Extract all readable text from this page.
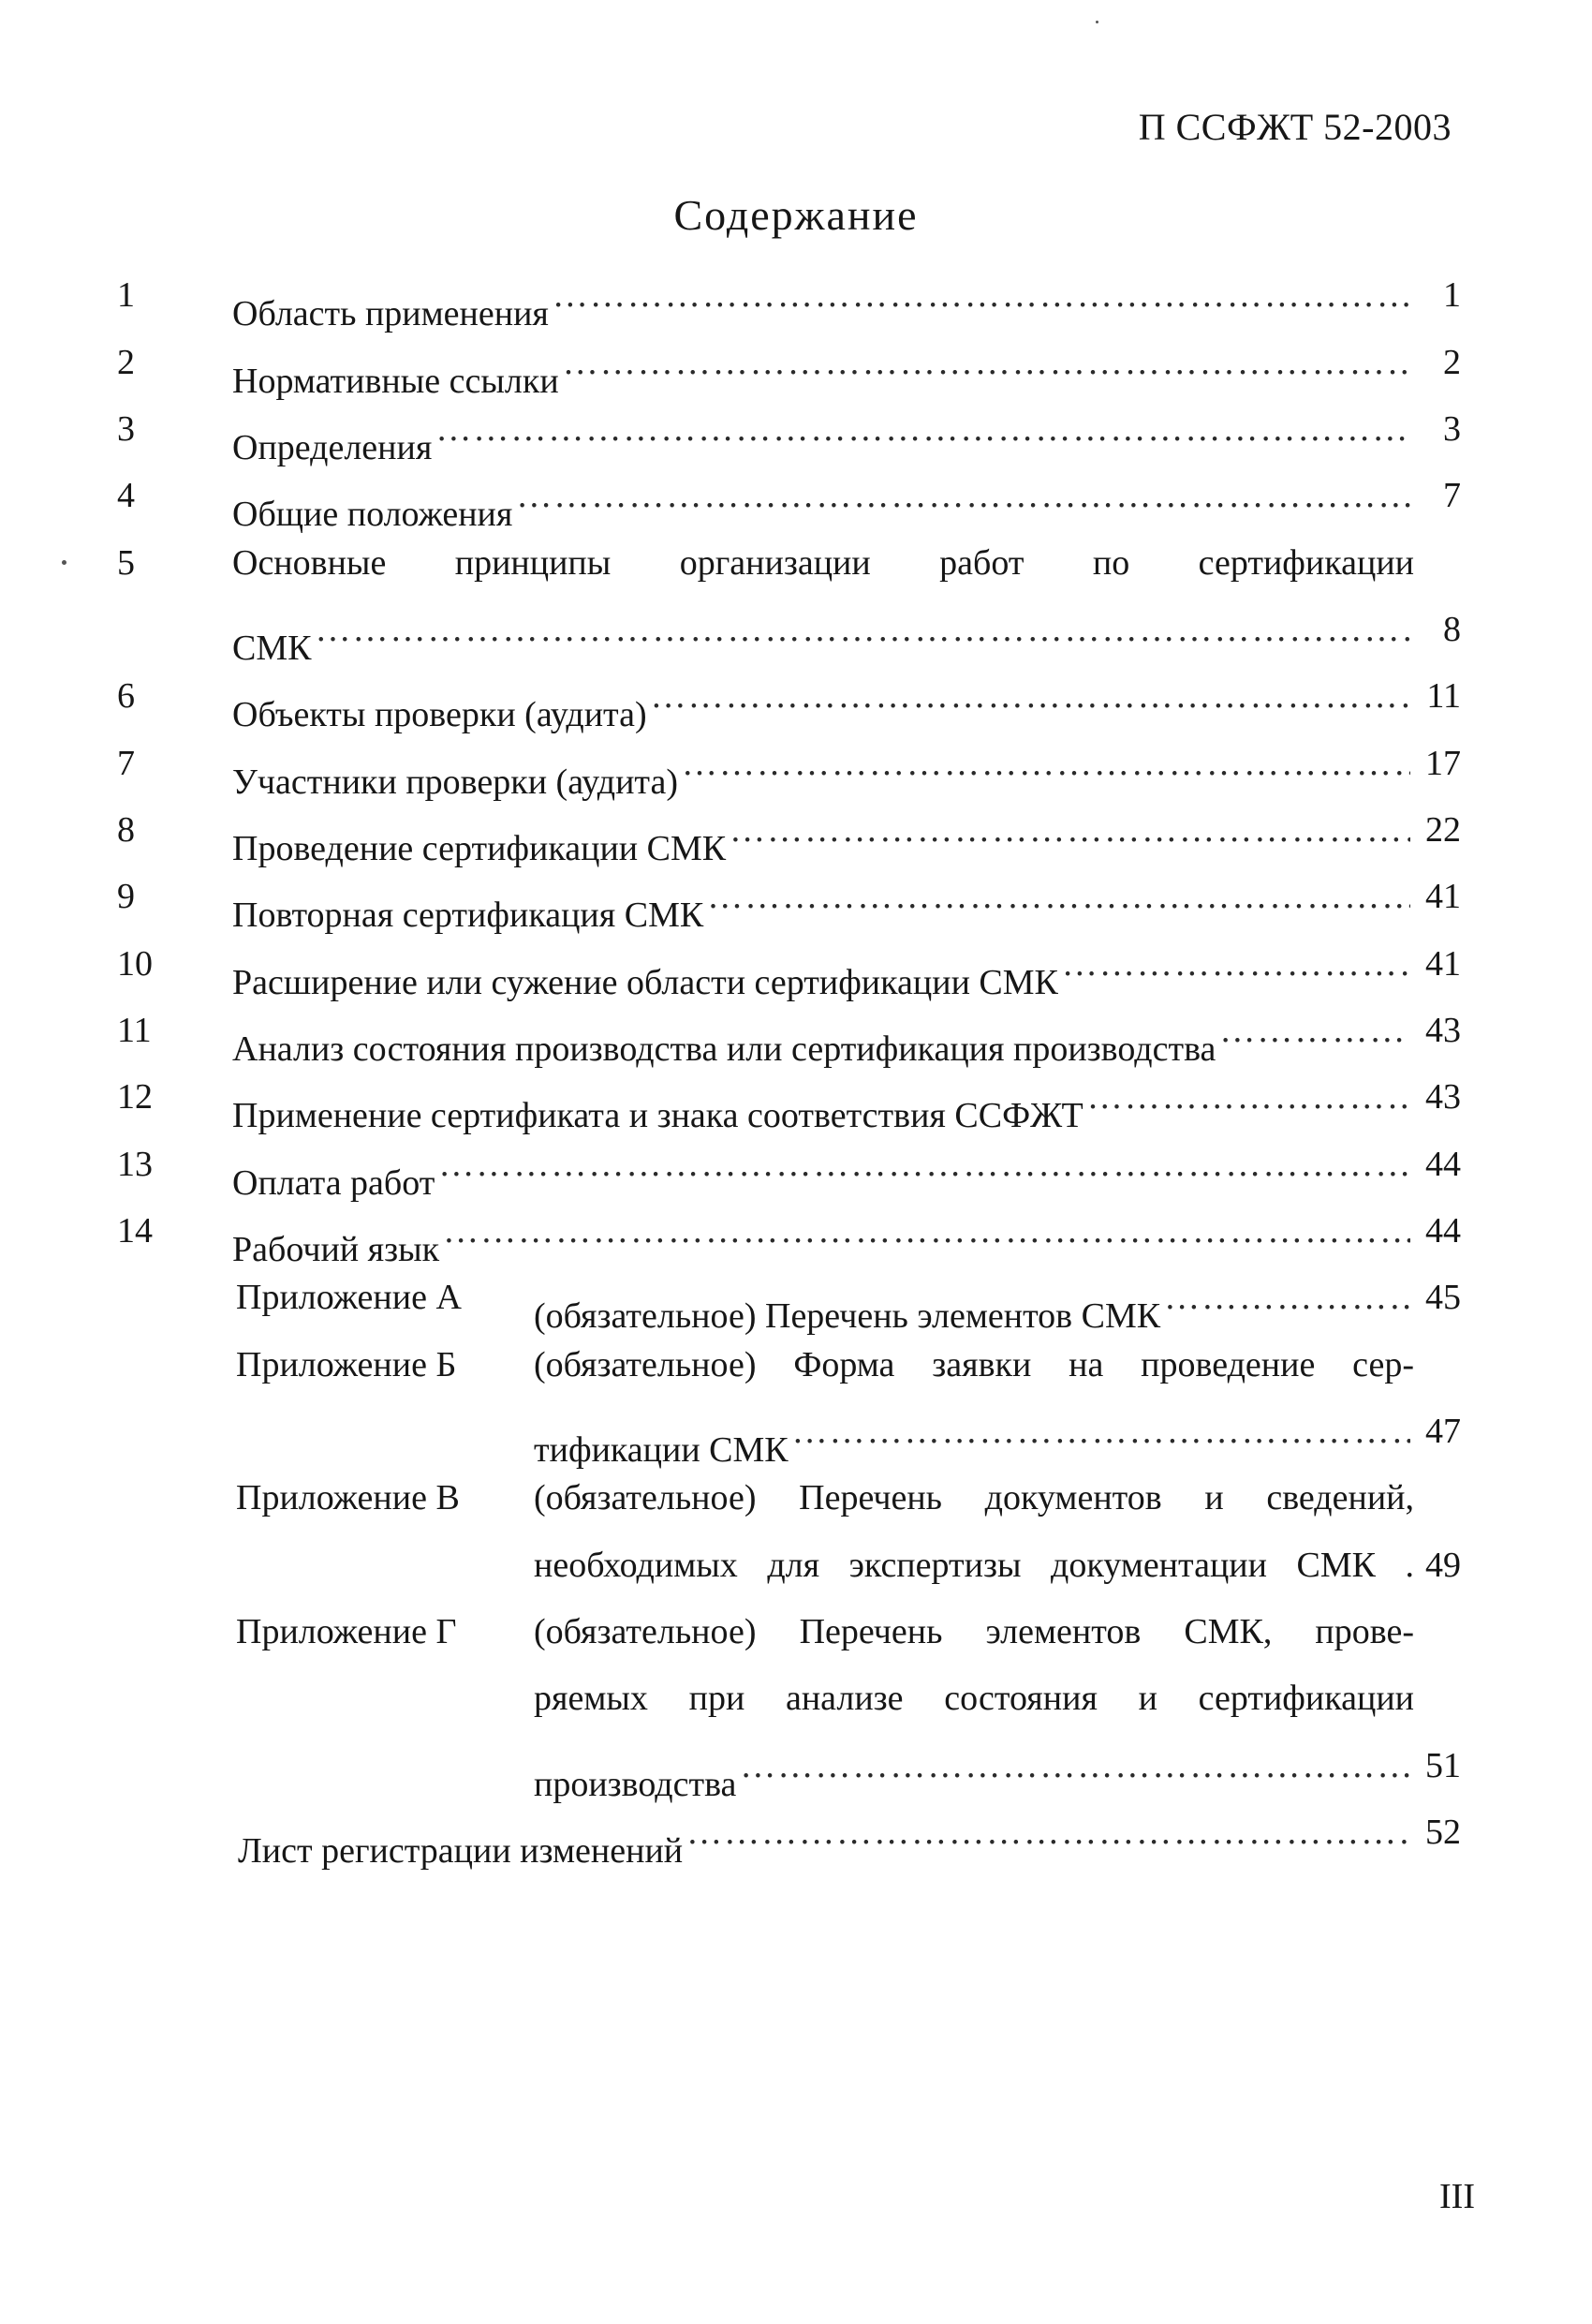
П ССФЖТ 52-2003
Содержание
1	Область применения ……………………………………………………………………………………………………………………………………………………………………………………………	1
2	Нормативные ссылки ……………………………………………………………………………………………………………………………………………………………………………………………	2
3	Определения ……………………………………………………………………………………………………………………………………………………………………………………………	3
4	Общие положения ……………………………………………………………………………………………………………………………………………………………………………………………	7
5	Основные принципы организации работ по сертификации
СМК ……………………………………………………………………………………………………………………………………………………………………………………………	8
6	Объекты проверки (аудита) ……………………………………………………………………………………………………………………………………………………………………………………………	11
7	Участники проверки (аудита) ……………………………………………………………………………………………………………………………………………………………………………………………	17
8	Проведение сертификации СМК ……………………………………………………………………………………………………………………………………………………………………………………………	22
9	Повторная сертификация СМК ……………………………………………………………………………………………………………………………………………………………………………………………	41
10	Расширение или сужение области сертификации СМК ……………………………………………………………………………………………………………………………………………………………………………………………	41
11	Анализ состояния производства или сертификация производства ……………………………………………………………………………………………………………………………………………………………………………………………	43
12	Применение сертификата и знака соответствия ССФЖТ ……………………………………………………………………………………………………………………………………………………………………………………………	43
13	Оплата работ ……………………………………………………………………………………………………………………………………………………………………………………………	44
14	Рабочий язык ……………………………………………………………………………………………………………………………………………………………………………………………	44
Приложение А	(обязательное) Перечень элементов СМК ……………………………………………………………………………………………………………………………………………………………………………………………	45
Приложение Б	(обязательное) Форма заявки на проведение сер-
тификации СМК ……………………………………………………………………………………………………………………………………………………………………………………………	47
Приложение В	(обязательное) Перечень документов и сведений,
необходимых для экспертизы документации СМК . 49
Приложение Г	(обязательное) Перечень элементов СМК, прове-
ряемых при анализе состояния и сертификации
производства ……………………………………………………………………………………………………………………………………………………………………………………………	51
Лист регистрации изменений ……………………………………………………………………………………………………………………………………………………………………………………………	52
III
